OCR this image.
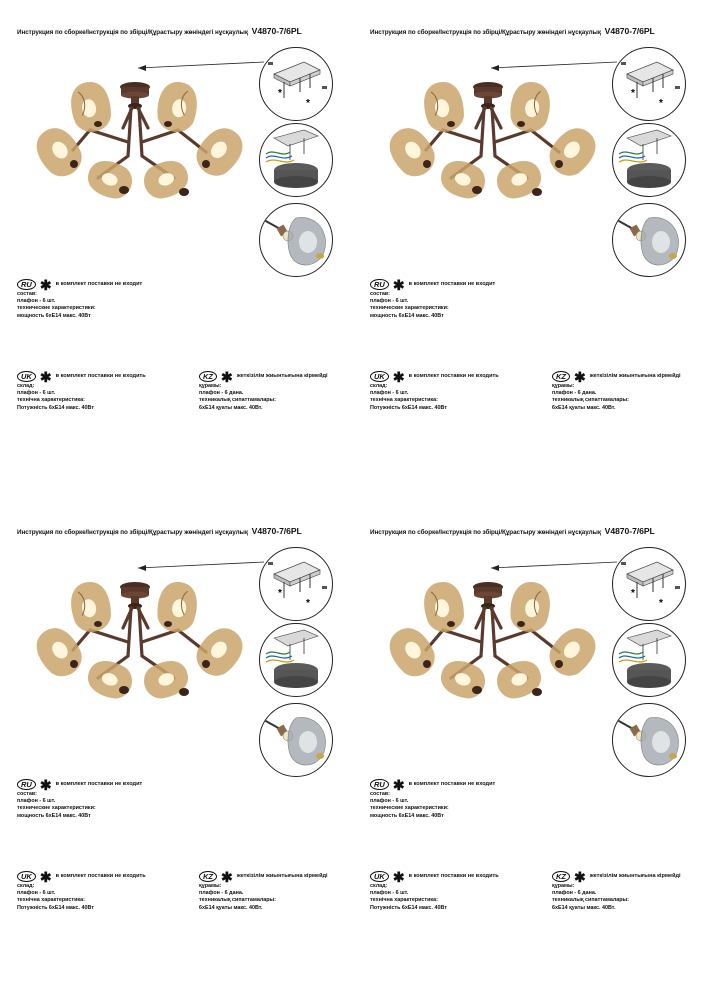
Инструкция по сборке/Інструкція по збірці/Құрастыру жөніндегі нұсқаулық V4870-7/6PL
*
*
RU ✱ в комплект поставки не входит
состав:
плафон - 6 шт.
технические характеристики:
мощность 6хЕ14 макс. 40Вт
UK ✱ в комплект поставки не входить
склад:
плафон - 6 шт.
технічна характеристика:
Потужність 6хЕ14 макс. 40Вт
KZ ✱ жеткізілім жиынтығына кірмейді
құрамы:
плафон - 6 дана.
техникалық сипаттамалары:
6хЕ14 қуаты макс. 40Вт.
Инструкция по сборке/Інструкція по збірці/Құрастыру жөніндегі нұсқаулық V4870-7/6PL
*
*
RU ✱ в комплект поставки не входит
состав:
плафон - 6 шт.
технические характеристики:
мощность 6хЕ14 макс. 40Вт
UK ✱ в комплект поставки не входить
склад:
плафон - 6 шт.
технічна характеристика:
Потужність 6хЕ14 макс. 40Вт
KZ ✱ жеткізілім жиынтығына кірмейді
құрамы:
плафон - 6 дана.
техникалық сипаттамалары:
6хЕ14 қуаты макс. 40Вт.
Инструкция по сборке/Інструкція по збірці/Құрастыру жөніндегі нұсқаулық V4870-7/6PL
*
*
RU ✱ в комплект поставки не входит
состав:
плафон - 6 шт.
технические характеристики:
мощность 6хЕ14 макс. 40Вт
UK ✱ в комплект поставки не входить
склад:
плафон - 6 шт.
технічна характеристика:
Потужність 6хЕ14 макс. 40Вт
KZ ✱ жеткізілім жиынтығына кірмейді
құрамы:
плафон - 6 дана.
техникалық сипаттамалары:
6хЕ14 қуаты макс. 40Вт.
Инструкция по сборке/Інструкція по збірці/Құрастыру жөніндегі нұсқаулық V4870-7/6PL
*
*
RU ✱ в комплект поставки не входит
состав:
плафон - 6 шт.
технические характеристики:
мощность 6хЕ14 макс. 40Вт
UK ✱ в комплект поставки не входить
склад:
плафон - 6 шт.
технічна характеристика:
Потужність 6хЕ14 макс. 40Вт
KZ ✱ жеткізілім жиынтығына кірмейді
құрамы:
плафон - 6 дана.
техникалық сипаттамалары:
6хЕ14 қуаты макс. 40Вт.
